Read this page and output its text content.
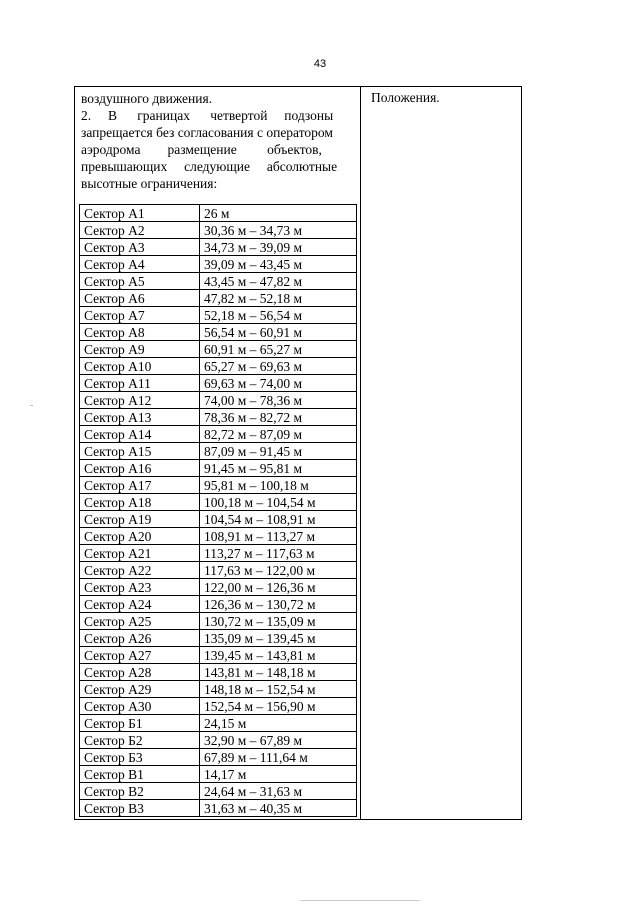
43
воздушного движения.
2.     В      границах      четвертой     подзоны
запрещается без согласования с оператором
аэродрома        размещение         объектов,
превышающих     следующие     абсолютные
высотные ограничения:
Сектор А1	26 м
Сектор А2	30,36 м – 34,73 м
Сектор А3	34,73 м – 39,09 м
Сектор А4	39,09 м – 43,45 м
Сектор А5	43,45 м – 47,82 м
Сектор А6	47,82 м – 52,18 м
Сектор А7	52,18 м – 56,54 м
Сектор А8	56,54 м – 60,91 м
Сектор А9	60,91 м – 65,27 м
Сектор А10	65,27 м – 69,63 м
Сектор А11	69,63 м – 74,00 м
Сектор А12	74,00 м – 78,36 м
Сектор А13	78,36 м – 82,72 м
Сектор А14	82,72 м – 87,09 м
Сектор А15	87,09 м – 91,45 м
Сектор А16	91,45 м – 95,81 м
Сектор А17	95,81 м – 100,18 м
Сектор А18	100,18 м – 104,54 м
Сектор А19	104,54 м – 108,91 м
Сектор А20	108,91 м – 113,27 м
Сектор А21	113,27 м – 117,63 м
Сектор А22	117,63 м – 122,00 м
Сектор А23	122,00 м – 126,36 м
Сектор А24	126,36 м – 130,72 м
Сектор А25	130,72 м – 135,09 м
Сектор А26	135,09 м – 139,45 м
Сектор А27	139,45 м – 143,81 м
Сектор А28	143,81 м – 148,18 м
Сектор А29	148,18 м – 152,54 м
Сектор А30	152,54 м – 156,90 м
Сектор Б1	24,15 м
Сектор Б2	32,90 м – 67,89 м
Сектор Б3	67,89 м – 111,64 м
Сектор В1	14,17 м
Сектор В2	24,64 м – 31,63 м
Сектор В3	31,63 м – 40,35 м
Положения.
